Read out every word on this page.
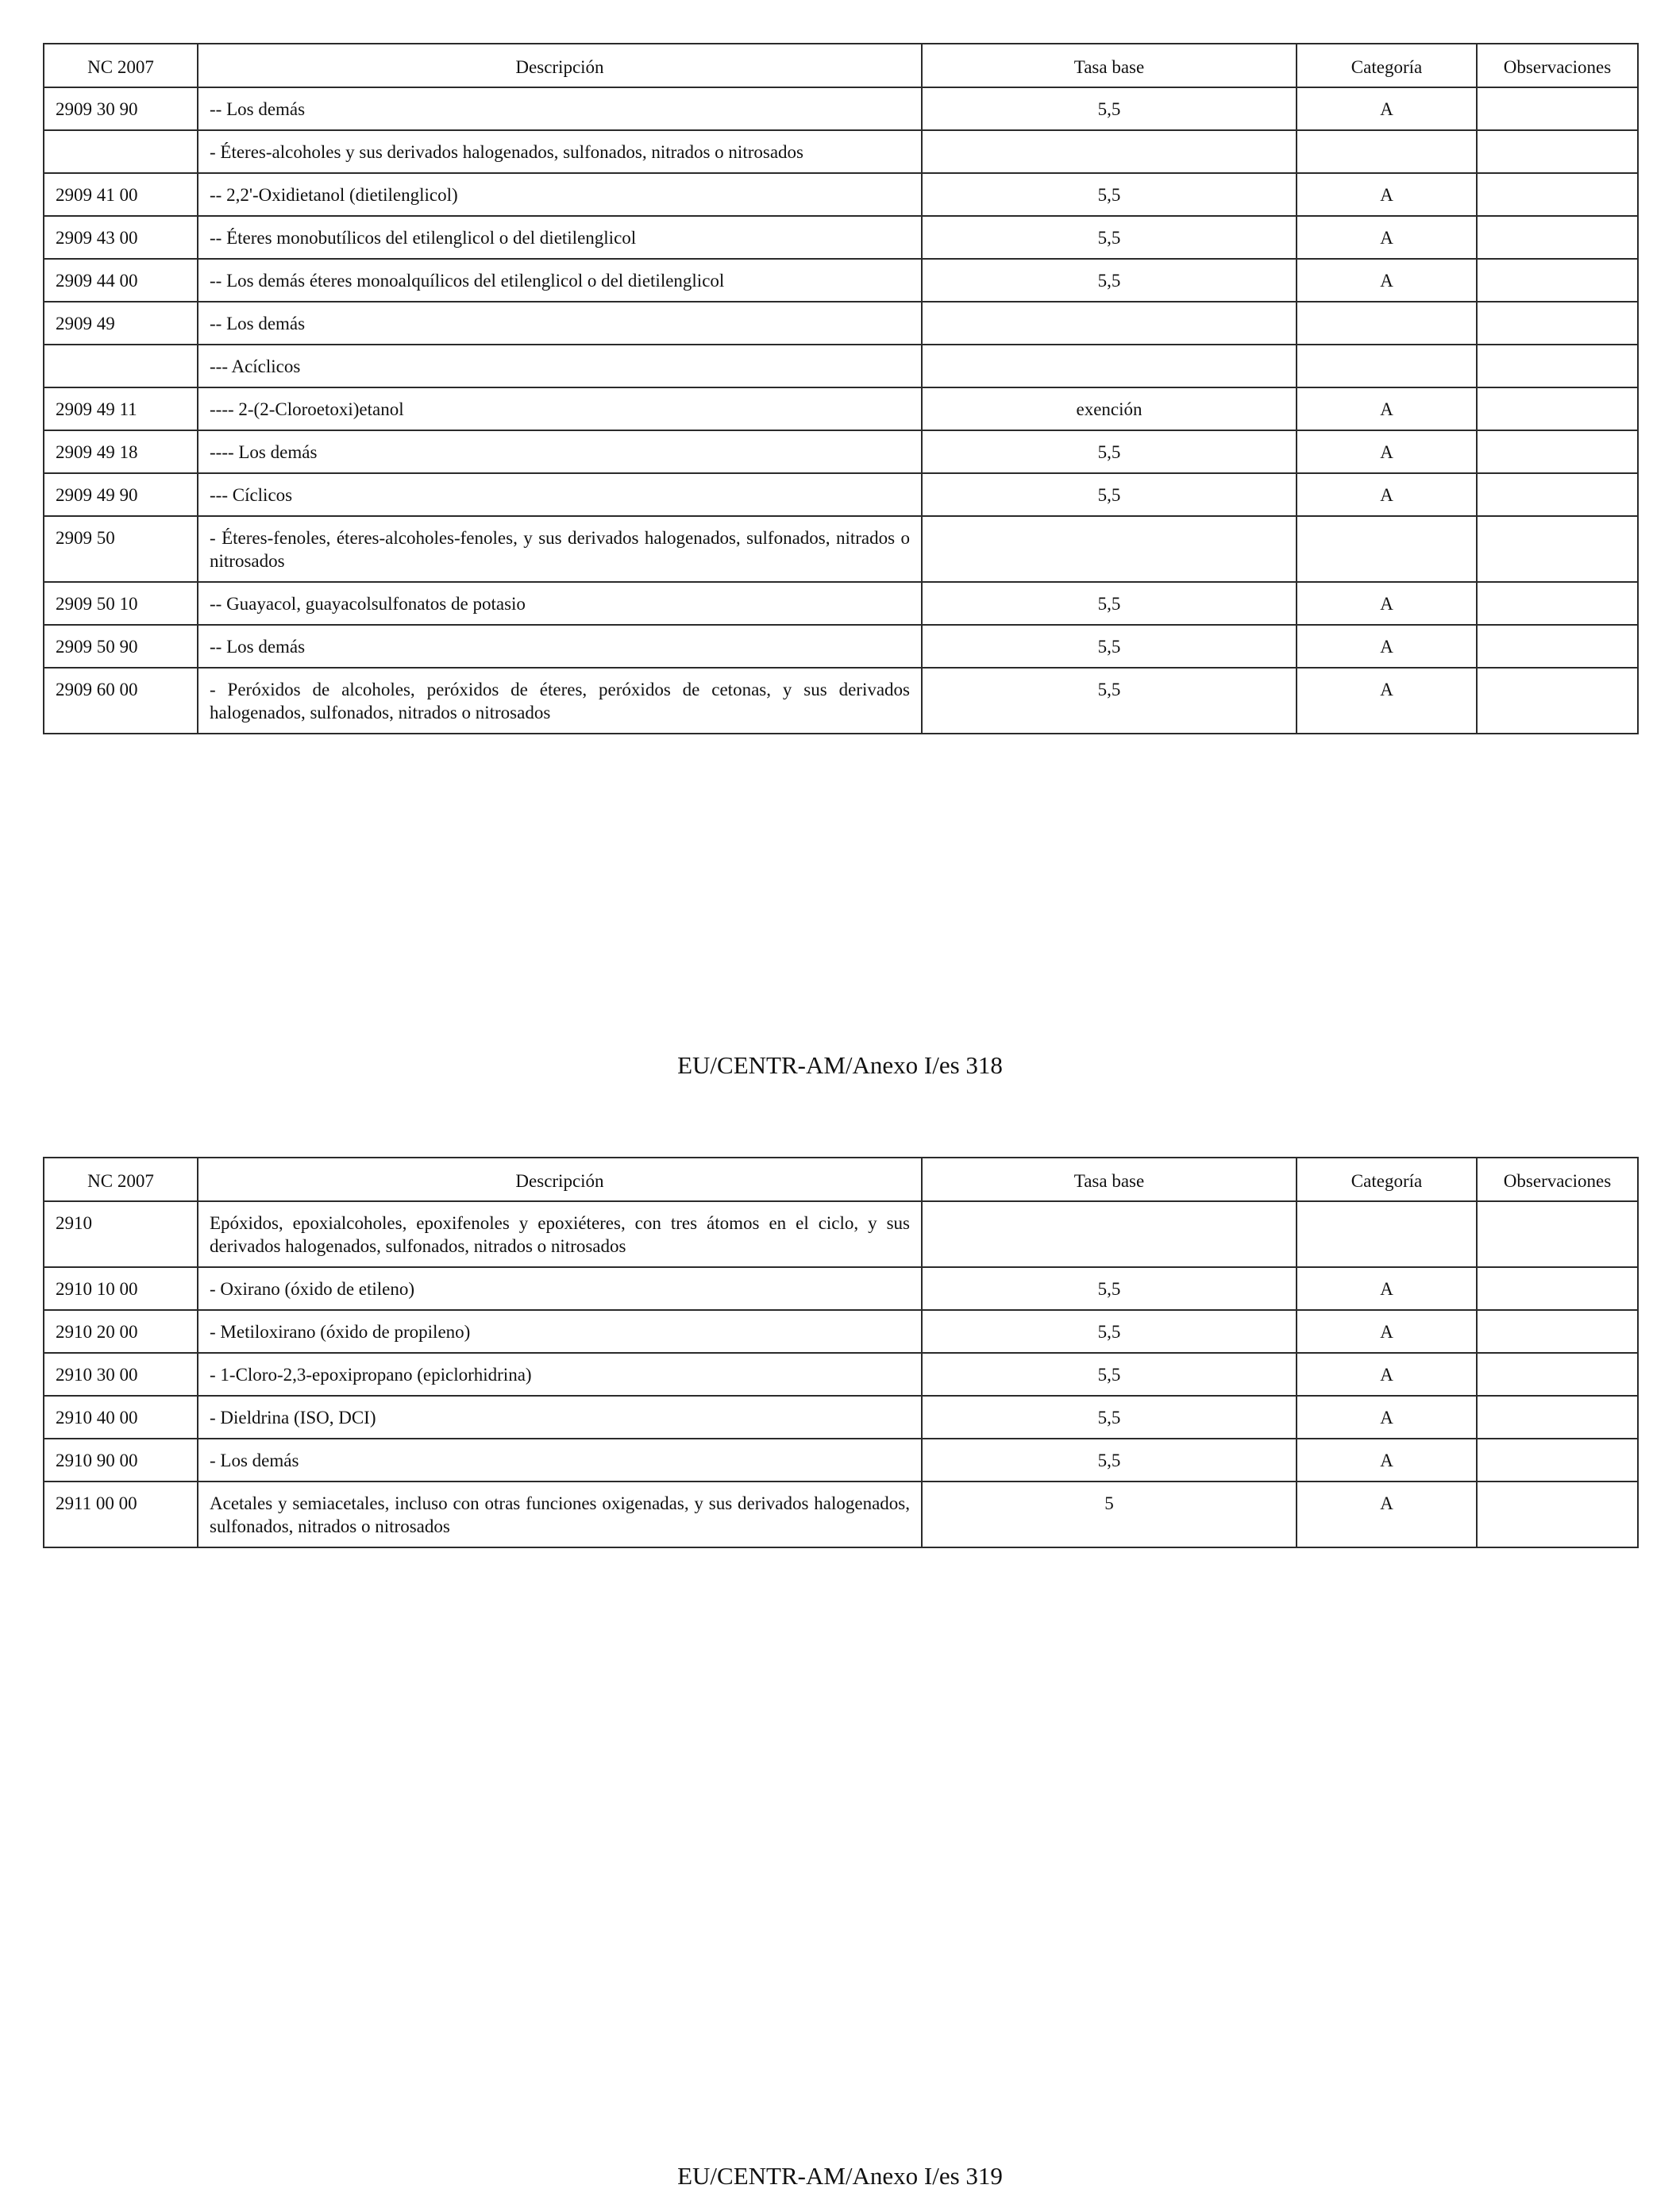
NC 2007	Descripción	Tasa base	Categoría	Observaciones
2909 30 90	-- Los demás	5,5	A	
	- Éteres-alcoholes y sus derivados halogenados, sulfonados, nitrados o nitrosados			
2909 41 00	-- 2,2'-Oxidietanol (dietilenglicol)	5,5	A	
2909 43 00	-- Éteres monobutílicos del etilenglicol o del dietilenglicol	5,5	A	
2909 44 00	-- Los demás éteres monoalquílicos del etilenglicol o del dietilenglicol	5,5	A	
2909 49	-- Los demás			
	--- Acíclicos			
2909 49 11	---- 2-(2-Cloroetoxi)etanol	exención	A	
2909 49 18	---- Los demás	5,5	A	
2909 49 90	--- Cíclicos	5,5	A	
2909 50	- Éteres-fenoles, éteres-alcoholes-fenoles, y sus derivados halogenados, sulfonados, nitrados o nitrosados			
2909 50 10	-- Guayacol, guayacolsulfonatos de potasio	5,5	A	
2909 50 90	-- Los demás	5,5	A	
2909 60 00	- Peróxidos de alcoholes, peróxidos de éteres, peróxidos de cetonas, y sus derivados halogenados, sulfonados, nitrados o nitrosados	5,5	A	
EU/CENTR-AM/Anexo I/es 318
NC 2007	Descripción	Tasa base	Categoría	Observaciones
2910	Epóxidos, epoxialcoholes, epoxifenoles y epoxiéteres, con tres átomos en el ciclo, y sus derivados halogenados, sulfonados, nitrados o nitrosados			
2910 10 00	- Oxirano (óxido de etileno)	5,5	A	
2910 20 00	- Metiloxirano (óxido de propileno)	5,5	A	
2910 30 00	- 1-Cloro-2,3-epoxipropano (epiclorhidrina)	5,5	A	
2910 40 00	- Dieldrina (ISO, DCI)	5,5	A	
2910 90 00	- Los demás	5,5	A	
2911 00 00	Acetales y semiacetales, incluso con otras funciones oxigenadas, y sus derivados halogenados, sulfonados, nitrados o nitrosados	5	A	
EU/CENTR-AM/Anexo I/es 319
